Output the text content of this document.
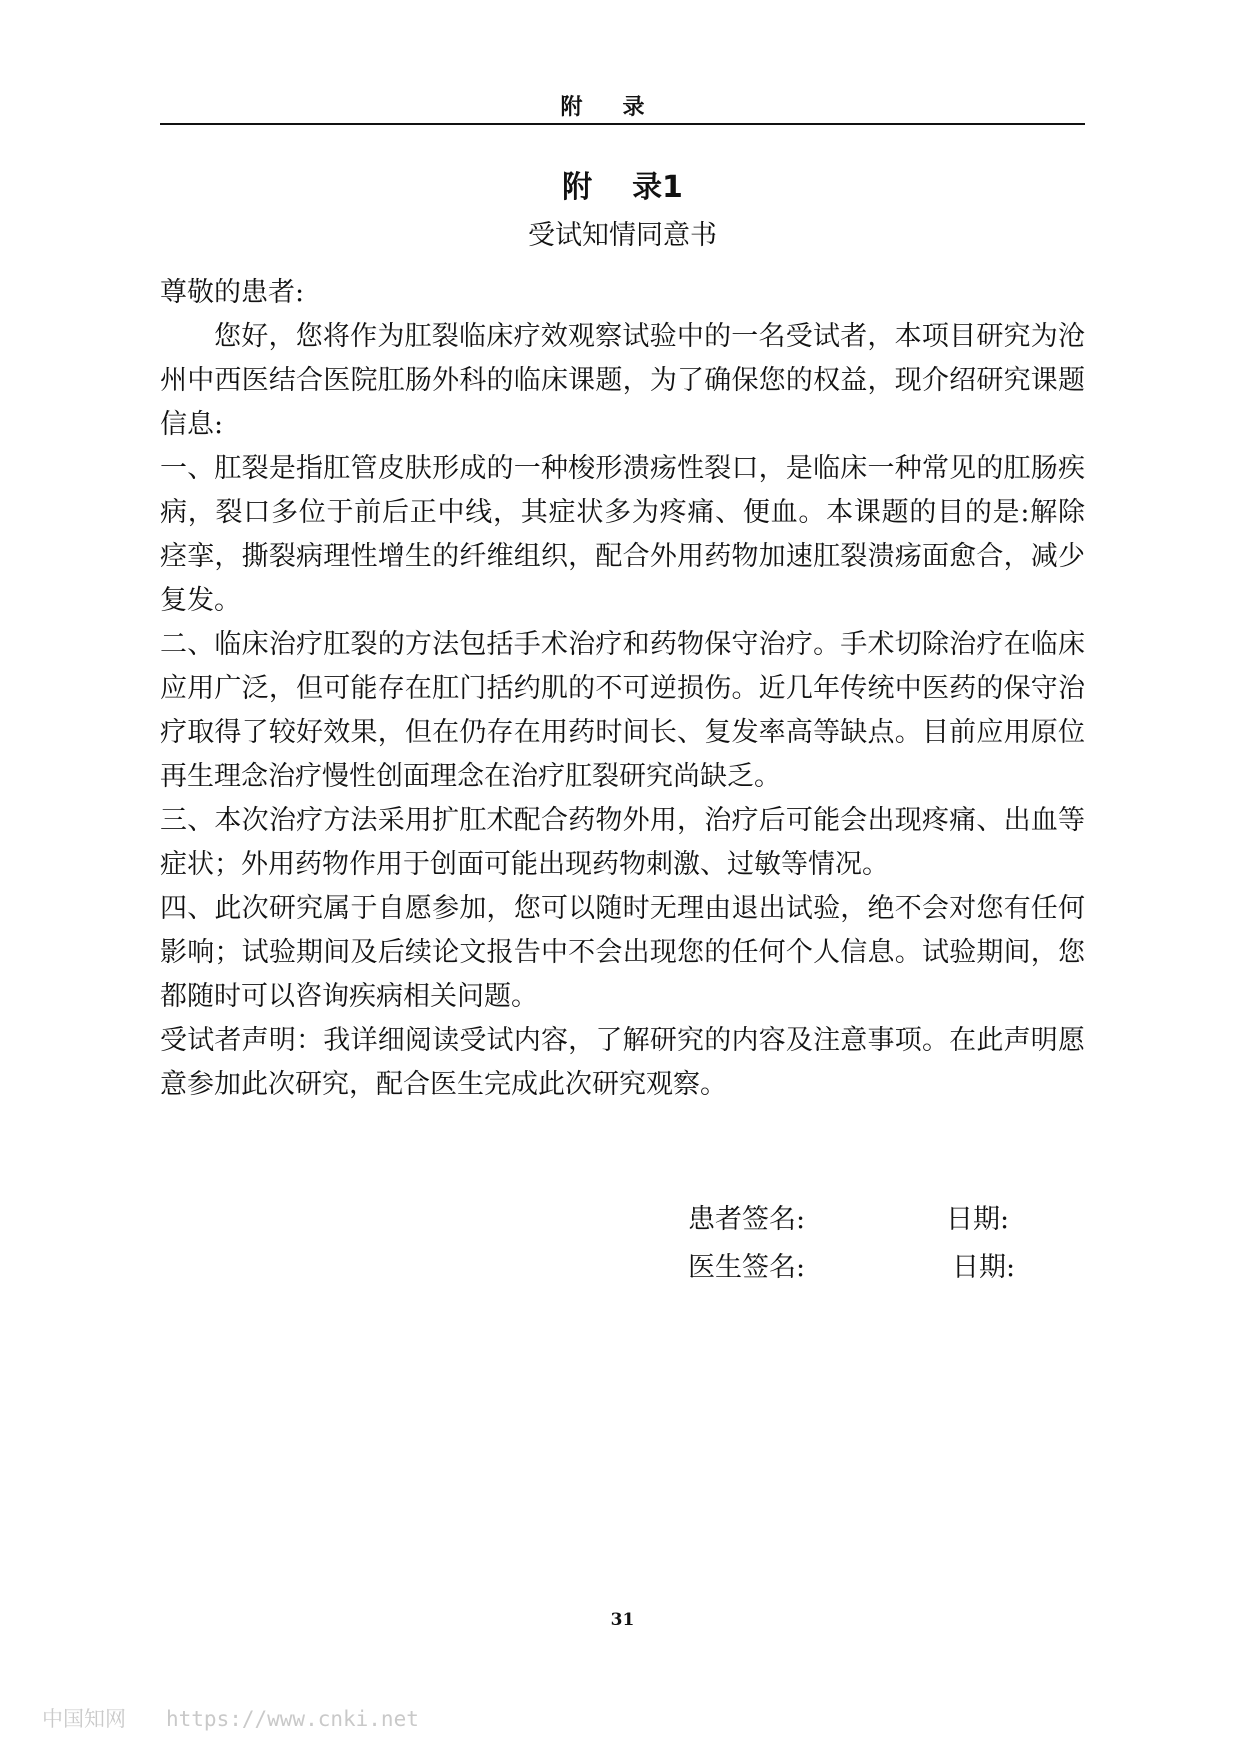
附录
附 录1
受试知情同意书

尊敬的患者:

您好，您将作为肛裂临床疗效观察试验中的一名受试者，本项目研究为沧州中西医结合医院肛肠外科的临床课题，为了确保您的权益，现介绍研究课题信息:

一、肛裂是指肛管皮肤形成的一种梭形溃疡性裂口，是临床一种常见的肛肠疾病，裂口多位于前后正中线，其症状多为疼痛、便血。本课题的目的是:解除痉挛，撕裂病理性增生的纤维组织，配合外用药物加速肛裂溃疡面愈合，减少复发。

二、临床治疗肛裂的方法包括手术治疗和药物保守治疗。手术切除治疗在临床应用广泛，但可能存在肛门括约肌的不可逆损伤。近几年传统中医药的保守治疗取得了较好效果，但在仍存在用药时间长、复发率高等缺点。目前应用原位再生理念治疗慢性创面理念在治疗肛裂研究尚缺乏。

三、本次治疗方法采用扩肛术配合药物外用，治疗后可能会出现疼痛、出血等症状；外用药物作用于创面可能出现药物刺激、过敏等情况。

四、此次研究属于自愿参加，您可以随时无理由退出试验，绝不会对您有任何影响；试验期间及后续论文报告中不会出现您的任何个人信息。试验期间，您都随时可以咨询疾病相关问题。

受试者声明：我详细阅读受试内容，了解研究的内容及注意事项。在此声明愿意参加此次研究，配合医生完成此次研究观察。

患者签名:	日期:
医生签名:	日期:
31
中国知网 https://www.cnki.net
